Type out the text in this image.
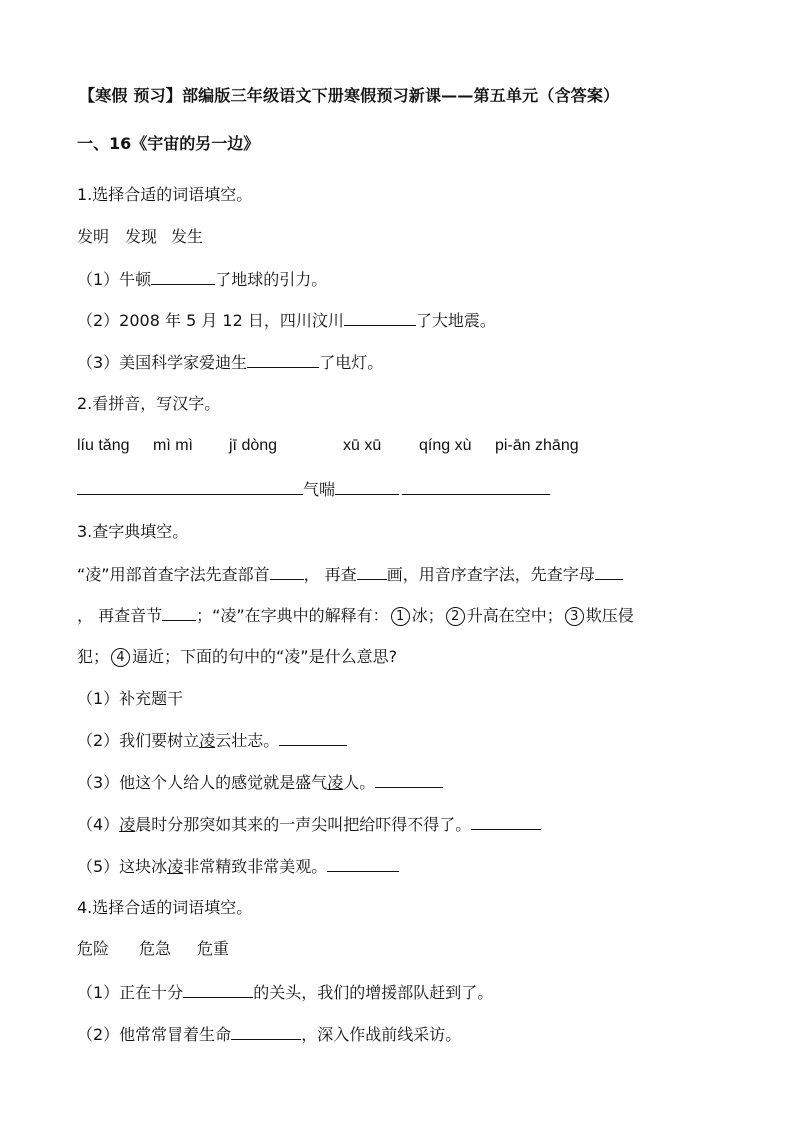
【寒假 预习】部编版三年级语文下册寒假预习新课——第五单元（含答案）
一、16《宇宙的另一边》
1.选择合适的词语填空。
发明 发现 发生
（1）牛顿	了地球的引力。
（2）2008 年 5 月 12 日，四川汶川	了大地震。
（3）美国科学家爱迪生	了电灯。
2.看拼音，写汉字。
líu tǎng mì mì jī dòng	xū xū qíng xù pi-ān zhāng
气喘
3.查字典填空。
“凌”用部首查字法先查部首 ， 再查 画，用音序查字法，先查字母
， 再查音节 ；“凌”在字典中的解释有： 1 冰； 2 升高在空中； 3 欺压侵
犯； 4 逼近；下面的句中的“凌”是什么意思?
（1）补充题干
（2）我们要树立凌云壮志。
（3）他这个人给人的感觉就是盛气凌人。
（4）凌晨时分那突如其来的一声尖叫把给吓得不得了。
（5）这块冰凌非常精致非常美观。
4.选择合适的词语填空。
危险 危急 危重
（1）正在十分	的关头，我们的增援部队赶到了。
（2）他常常冒着生命	，深入作战前线采访。
